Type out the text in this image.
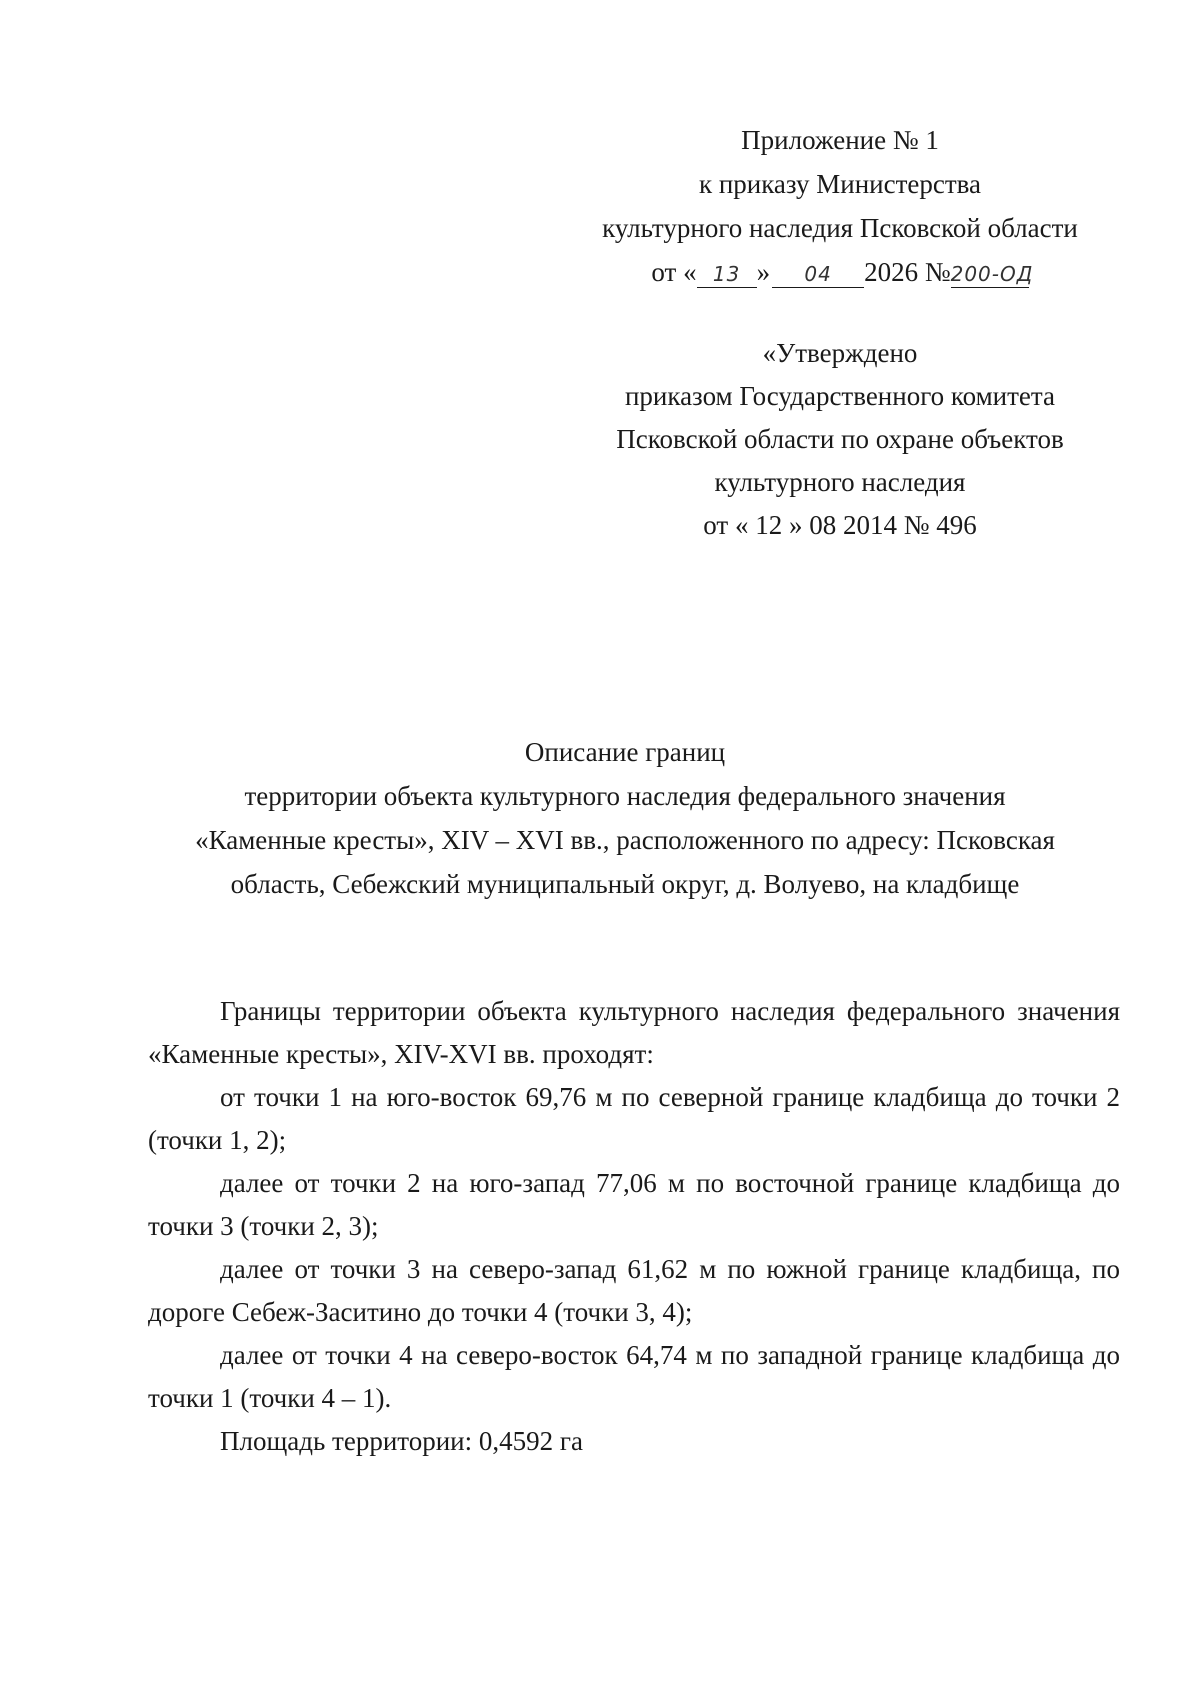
Приложение № 1
к приказу Министерства
культурного наследия Псковской области
от « 13 » 04 2026 №200-ОД
«Утверждено
приказом Государственного комитета
Псковской области по охране объектов
культурного наследия
от « 12 » 08 2014 № 496
Описание границ
территории объекта культурного наследия федерального значения
«Каменные кресты», XIV – XVI вв., расположенного по адресу: Псковская
область, Себежский муниципальный округ, д. Волуево, на кладбище

Границы территории объекта культурного наследия федерального значения «Каменные кресты», XIV-XVI вв. проходят:

от точки 1 на юго-восток 69,76 м по северной границе кладбища до точки 2 (точки 1, 2);

далее от точки 2 на юго-запад 77,06 м по восточной границе кладбища до точки 3 (точки 2, 3);

далее от точки 3 на северо-запад 61,62 м по южной границе кладбища, по дороге Себеж-Заситино до точки 4 (точки 3, 4);

далее от точки 4 на северо-восток 64,74 м по западной границе кладбища до точки 1 (точки 4 – 1).

Площадь территории: 0,4592 га
